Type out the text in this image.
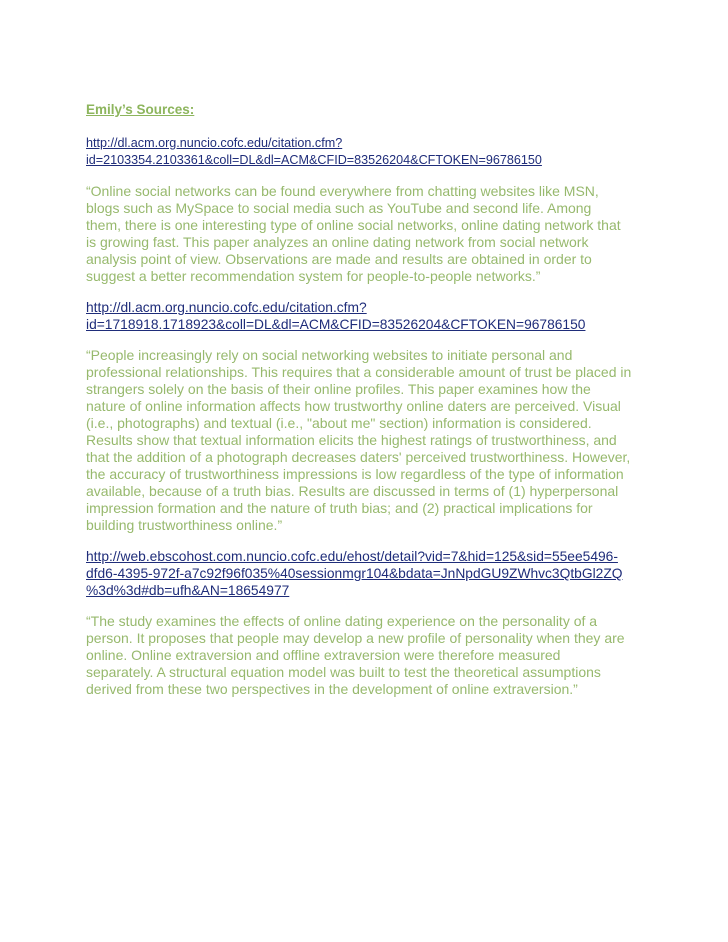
Emily’s Sources:
http://dl.acm.org.nuncio.cofc.edu/citation.cfm?
id=2103354.2103361&coll=DL&dl=ACM&CFID=83526204&CFTOKEN=96786150
“Online social networks can be found everywhere from chatting websites like MSN,
blogs such as MySpace to social media such as YouTube and second life. Among
them, there is one interesting type of online social networks, online dating network that
is growing fast. This paper analyzes an online dating network from social network
analysis point of view. Observations are made and results are obtained in order to
suggest a better recommendation system for people-to-people networks.”
http://dl.acm.org.nuncio.cofc.edu/citation.cfm?
id=1718918.1718923&coll=DL&dl=ACM&CFID=83526204&CFTOKEN=96786150
“People increasingly rely on social networking websites to initiate personal and
professional relationships. This requires that a considerable amount of trust be placed in
strangers solely on the basis of their online profiles. This paper examines how the
nature of online information affects how trustworthy online daters are perceived. Visual
(i.e., photographs) and textual (i.e., "about me" section) information is considered.
Results show that textual information elicits the highest ratings of trustworthiness, and
that the addition of a photograph decreases daters' perceived trustworthiness. However,
the accuracy of trustworthiness impressions is low regardless of the type of information
available, because of a truth bias. Results are discussed in terms of (1) hyperpersonal
impression formation and the nature of truth bias; and (2) practical implications for
building trustworthiness online.”
http://web.ebscohost.com.nuncio.cofc.edu/ehost/detail?vid=7&hid=125&sid=55ee5496-
dfd6-4395-972f-a7c92f96f035%40sessionmgr104&bdata=JnNpdGU9ZWhvc3QtbGl2ZQ
%3d%3d#db=ufh&AN=18654977
“The study examines the effects of online dating experience on the personality of a
person. It proposes that people may develop a new profile of personality when they are
online. Online extraversion and offline extraversion were therefore measured
separately. A structural equation model was built to test the theoretical assumptions
derived from these two perspectives in the development of online extraversion.”
